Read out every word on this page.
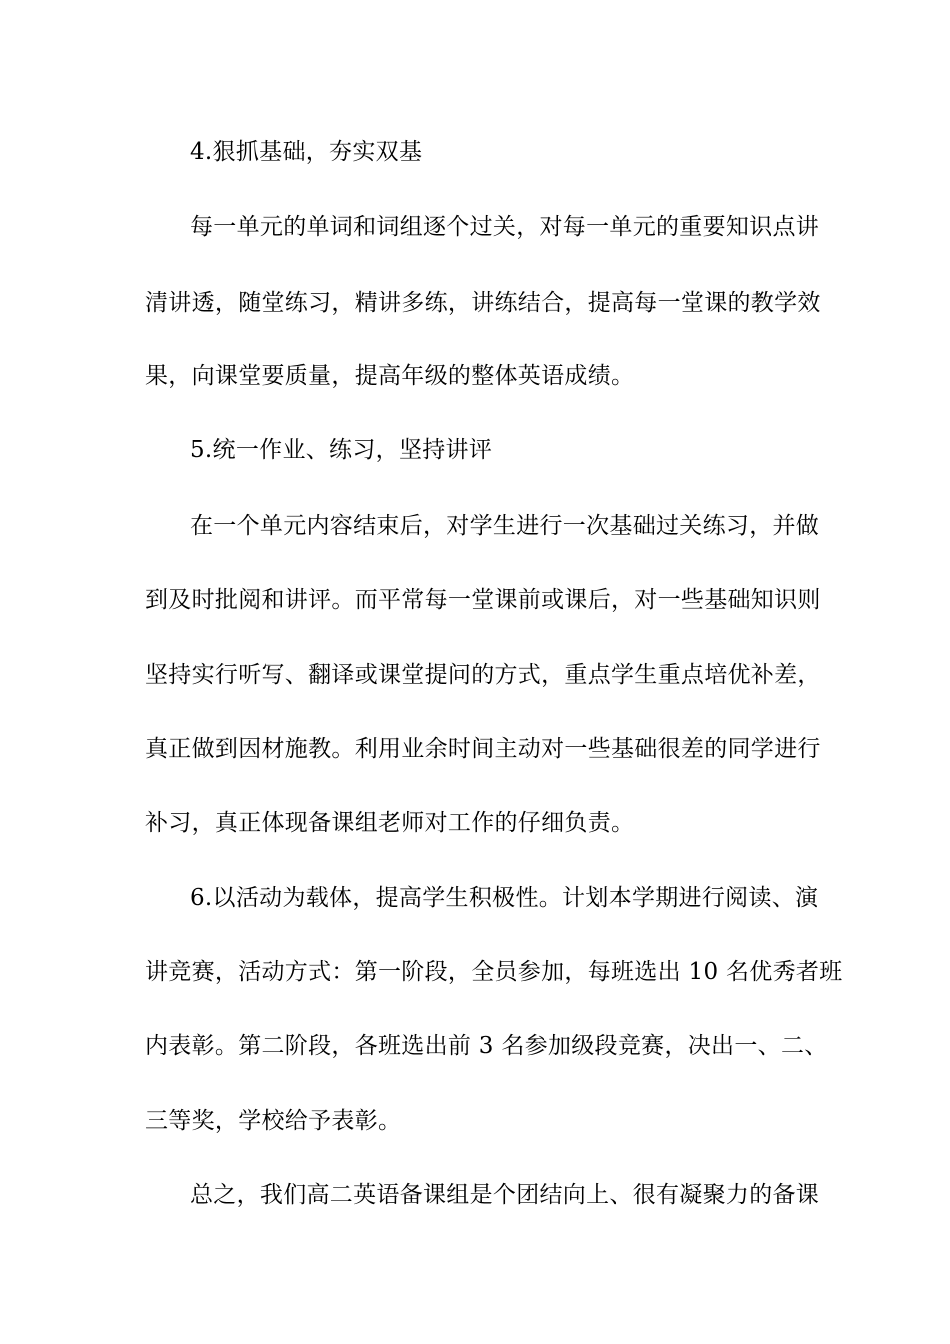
4.狠抓基础，夯实双基
每一单元的单词和词组逐个过关，对每一单元的重要知识点讲
清讲透，随堂练习，精讲多练，讲练结合，提高每一堂课的教学效
果，向课堂要质量，提高年级的整体英语成绩。
5.统一作业、练习，坚持讲评
在一个单元内容结束后，对学生进行一次基础过关练习，并做
到及时批阅和讲评。而平常每一堂课前或课后，对一些基础知识则
坚持实行听写、翻译或课堂提问的方式，重点学生重点培优补差，
真正做到因材施教。利用业余时间主动对一些基础很差的同学进行
补习，真正体现备课组老师对工作的仔细负责。
6.以活动为载体，提高学生积极性。计划本学期进行阅读、演
讲竞赛，活动方式：第一阶段，全员参加，每班选出 10 名优秀者班
内表彰。第二阶段，各班选出前 3 名参加级段竞赛，决出一、二、
三等奖，学校给予表彰。
总之，我们高二英语备课组是个团结向上、很有凝聚力的备课
